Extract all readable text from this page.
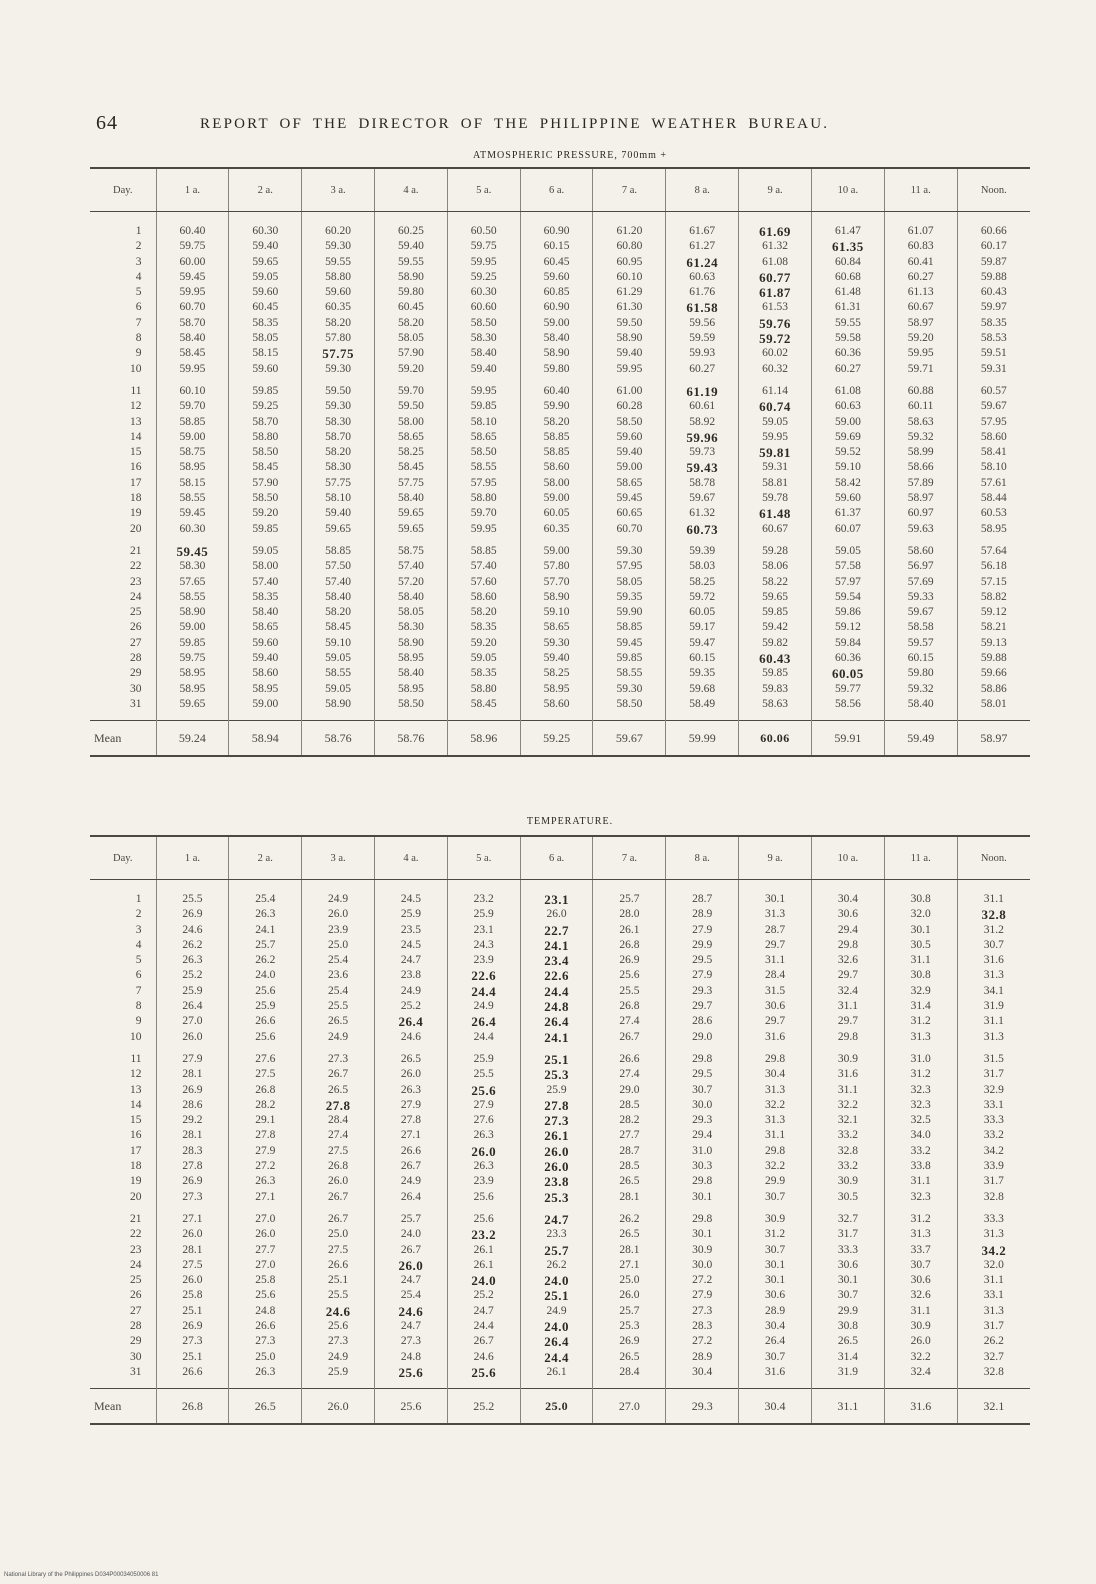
64	REPORT OF THE DIRECTOR OF THE PHILIPPINE WEATHER BUREAU.
ATMOSPHERIC PRESSURE, 700mm +
Day.	1 a.	2 a.	3 a.	4 a.	5 a.	6 a.	7 a.	8 a.	9 a.	10 a.	11 a.	Noon.
1	60.40	60.30	60.20	60.25	60.50	60.90	61.20	61.67	61.69	61.47	61.07	60.66
2	59.75	59.40	59.30	59.40	59.75	60.15	60.80	61.27	61.32	61.35	60.83	60.17
3	60.00	59.65	59.55	59.55	59.95	60.45	60.95	61.24	61.08	60.84	60.41	59.87
4	59.45	59.05	58.80	58.90	59.25	59.60	60.10	60.63	60.77	60.68	60.27	59.88
5	59.95	59.60	59.60	59.80	60.30	60.85	61.29	61.76	61.87	61.48	61.13	60.43
6	60.70	60.45	60.35	60.45	60.60	60.90	61.30	61.58	61.53	61.31	60.67	59.97
7	58.70	58.35	58.20	58.20	58.50	59.00	59.50	59.56	59.76	59.55	58.97	58.35
8	58.40	58.05	57.80	58.05	58.30	58.40	58.90	59.59	59.72	59.58	59.20	58.53
9	58.45	58.15	57.75	57.90	58.40	58.90	59.40	59.93	60.02	60.36	59.95	59.51
10	59.95	59.60	59.30	59.20	59.40	59.80	59.95	60.27	60.32	60.27	59.71	59.31
11	60.10	59.85	59.50	59.70	59.95	60.40	61.00	61.19	61.14	61.08	60.88	60.57
12	59.70	59.25	59.30	59.50	59.85	59.90	60.28	60.61	60.74	60.63	60.11	59.67
13	58.85	58.70	58.30	58.00	58.10	58.20	58.50	58.92	59.05	59.00	58.63	57.95
14	59.00	58.80	58.70	58.65	58.65	58.85	59.60	59.96	59.95	59.69	59.32	58.60
15	58.75	58.50	58.20	58.25	58.50	58.85	59.40	59.73	59.81	59.52	58.99	58.41
16	58.95	58.45	58.30	58.45	58.55	58.60	59.00	59.43	59.31	59.10	58.66	58.10
17	58.15	57.90	57.75	57.75	57.95	58.00	58.65	58.78	58.81	58.42	57.89	57.61
18	58.55	58.50	58.10	58.40	58.80	59.00	59.45	59.67	59.78	59.60	58.97	58.44
19	59.45	59.20	59.40	59.65	59.70	60.05	60.65	61.32	61.48	61.37	60.97	60.53
20	60.30	59.85	59.65	59.65	59.95	60.35	60.70	60.73	60.67	60.07	59.63	58.95
21	59.45	59.05	58.85	58.75	58.85	59.00	59.30	59.39	59.28	59.05	58.60	57.64
22	58.30	58.00	57.50	57.40	57.40	57.80	57.95	58.03	58.06	57.58	56.97	56.18
23	57.65	57.40	57.40	57.20	57.60	57.70	58.05	58.25	58.22	57.97	57.69	57.15
24	58.55	58.35	58.40	58.40	58.60	58.90	59.35	59.72	59.65	59.54	59.33	58.82
25	58.90	58.40	58.20	58.05	58.20	59.10	59.90	60.05	59.85	59.86	59.67	59.12
26	59.00	58.65	58.45	58.30	58.35	58.65	58.85	59.17	59.42	59.12	58.58	58.21
27	59.85	59.60	59.10	58.90	59.20	59.30	59.45	59.47	59.82	59.84	59.57	59.13
28	59.75	59.40	59.05	58.95	59.05	59.40	59.85	60.15	60.43	60.36	60.15	59.88
29	58.95	58.60	58.55	58.40	58.35	58.25	58.55	59.35	59.85	60.05	59.80	59.66
30	58.95	58.95	59.05	58.95	58.80	58.95	59.30	59.68	59.83	59.77	59.32	58.86
31	59.65	59.00	58.90	58.50	58.45	58.60	58.50	58.49	58.63	58.56	58.40	58.01
Mean	59.24	58.94	58.76	58.76	58.96	59.25	59.67	59.99	60.06	59.91	59.49	58.97
TEMPERATURE.
Day.	1 a.	2 a.	3 a.	4 a.	5 a.	6 a.	7 a.	8 a.	9 a.	10 a.	11 a.	Noon.
1	25.5	25.4	24.9	24.5	23.2	23.1	25.7	28.7	30.1	30.4	30.8	31.1
2	26.9	26.3	26.0	25.9	25.9	26.0	28.0	28.9	31.3	30.6	32.0	32.8
3	24.6	24.1	23.9	23.5	23.1	22.7	26.1	27.9	28.7	29.4	30.1	31.2
4	26.2	25.7	25.0	24.5	24.3	24.1	26.8	29.9	29.7	29.8	30.5	30.7
5	26.3	26.2	25.4	24.7	23.9	23.4	26.9	29.5	31.1	32.6	31.1	31.6
6	25.2	24.0	23.6	23.8	22.6	22.6	25.6	27.9	28.4	29.7	30.8	31.3
7	25.9	25.6	25.4	24.9	24.4	24.4	25.5	29.3	31.5	32.4	32.9	34.1
8	26.4	25.9	25.5	25.2	24.9	24.8	26.8	29.7	30.6	31.1	31.4	31.9
9	27.0	26.6	26.5	26.4	26.4	26.4	27.4	28.6	29.7	29.7	31.2	31.1
10	26.0	25.6	24.9	24.6	24.4	24.1	26.7	29.0	31.6	29.8	31.3	31.3
11	27.9	27.6	27.3	26.5	25.9	25.1	26.6	29.8	29.8	30.9	31.0	31.5
12	28.1	27.5	26.7	26.0	25.5	25.3	27.4	29.5	30.4	31.6	31.2	31.7
13	26.9	26.8	26.5	26.3	25.6	25.9	29.0	30.7	31.3	31.1	32.3	32.9
14	28.6	28.2	27.8	27.9	27.9	27.8	28.5	30.0	32.2	32.2	32.3	33.1
15	29.2	29.1	28.4	27.8	27.6	27.3	28.2	29.3	31.3	32.1	32.5	33.3
16	28.1	27.8	27.4	27.1	26.3	26.1	27.7	29.4	31.1	33.2	34.0	33.2
17	28.3	27.9	27.5	26.6	26.0	26.0	28.7	31.0	29.8	32.8	33.2	34.2
18	27.8	27.2	26.8	26.7	26.3	26.0	28.5	30.3	32.2	33.2	33.8	33.9
19	26.9	26.3	26.0	24.9	23.9	23.8	26.5	29.8	29.9	30.9	31.1	31.7
20	27.3	27.1	26.7	26.4	25.6	25.3	28.1	30.1	30.7	30.5	32.3	32.8
21	27.1	27.0	26.7	25.7	25.6	24.7	26.2	29.8	30.9	32.7	31.2	33.3
22	26.0	26.0	25.0	24.0	23.2	23.3	26.5	30.1	31.2	31.7	31.3	31.3
23	28.1	27.7	27.5	26.7	26.1	25.7	28.1	30.9	30.7	33.3	33.7	34.2
24	27.5	27.0	26.6	26.0	26.1	26.2	27.1	30.0	30.1	30.6	30.7	32.0
25	26.0	25.8	25.1	24.7	24.0	24.0	25.0	27.2	30.1	30.1	30.6	31.1
26	25.8	25.6	25.5	25.4	25.2	25.1	26.0	27.9	30.6	30.7	32.6	33.1
27	25.1	24.8	24.6	24.6	24.7	24.9	25.7	27.3	28.9	29.9	31.1	31.3
28	26.9	26.6	25.6	24.7	24.4	24.0	25.3	28.3	30.4	30.8	30.9	31.7
29	27.3	27.3	27.3	27.3	26.7	26.4	26.9	27.2	26.4	26.5	26.0	26.2
30	25.1	25.0	24.9	24.8	24.6	24.4	26.5	28.9	30.7	31.4	32.2	32.7
31	26.6	26.3	25.9	25.6	25.6	26.1	28.4	30.4	31.6	31.9	32.4	32.8
Mean	26.8	26.5	26.0	25.6	25.2	25.0	27.0	29.3	30.4	31.1	31.6	32.1
National Library of the Philippines D034P00034050006 81
